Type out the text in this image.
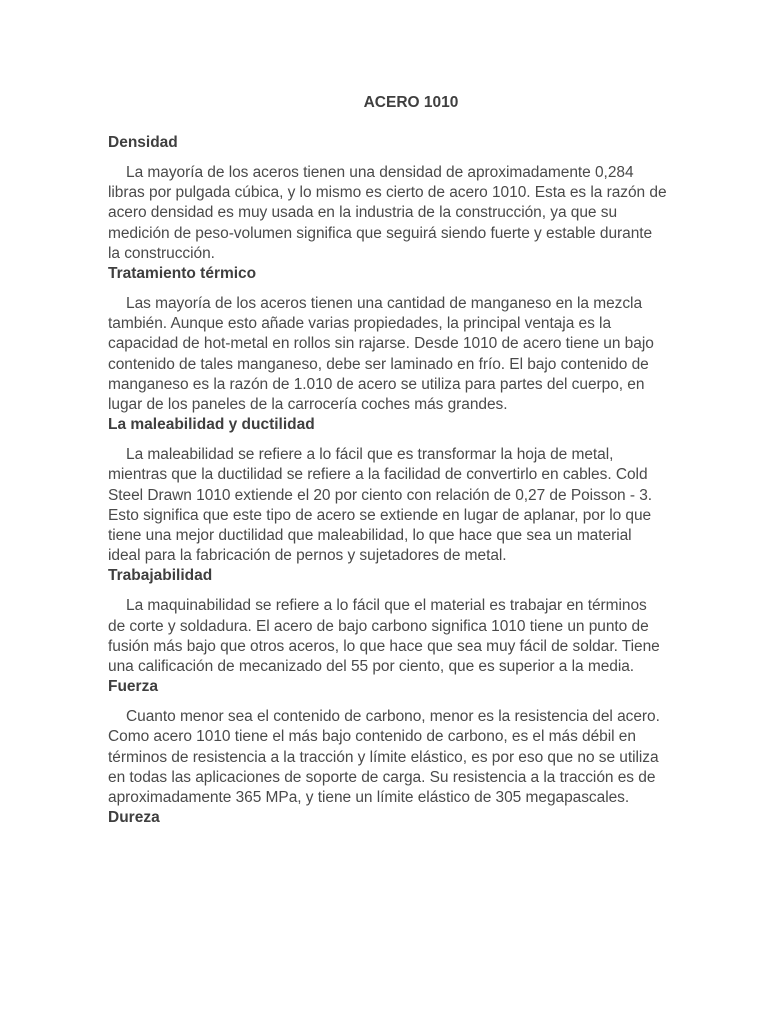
ACERO 1010
Densidad

La mayoría de los aceros tienen una densidad de aproximadamente 0,284 libras por pulgada cúbica, y lo mismo es cierto de acero 1010. Esta es la razón de acero densidad es muy usada en la industria de la construcción, ya que su medición de peso-volumen significa que seguirá siendo fuerte y estable durante la construcción.

Tratamiento térmico

Las mayoría de los aceros tienen una cantidad de manganeso en la mezcla también. Aunque esto añade varias propiedades, la principal ventaja es la capacidad de hot-metal en rollos sin rajarse. Desde 1010 de acero tiene un bajo contenido de tales manganeso, debe ser laminado en frío. El bajo contenido de manganeso es la razón de 1.010 de acero se utiliza para partes del cuerpo, en lugar de los paneles de la carrocería coches más grandes.

La maleabilidad y ductilidad

La maleabilidad se refiere a lo fácil que es transformar la hoja de metal, mientras que la ductilidad se refiere a la facilidad de convertirlo en cables. Cold Steel Drawn 1010 extiende el 20 por ciento con relación de 0,27 de Poisson - 3. Esto significa que este tipo de acero se extiende en lugar de aplanar, por lo que tiene una mejor ductilidad que maleabilidad, lo que hace que sea un material ideal para la fabricación de pernos y sujetadores de metal.

Trabajabilidad

La maquinabilidad se refiere a lo fácil que el material es trabajar en términos de corte y soldadura. El acero de bajo carbono significa 1010 tiene un punto de fusión más bajo que otros aceros, lo que hace que sea muy fácil de soldar. Tiene una calificación de mecanizado del 55 por ciento, que es superior a la media.

Fuerza

Cuanto menor sea el contenido de carbono, menor es la resistencia del acero. Como acero 1010 tiene el más bajo contenido de carbono, es el más débil en términos de resistencia a la tracción y límite elástico, es por eso que no se utiliza en todas las aplicaciones de soporte de carga. Su resistencia a la tracción es de aproximadamente 365 MPa, y tiene un límite elástico de 305 megapascales.

Dureza
